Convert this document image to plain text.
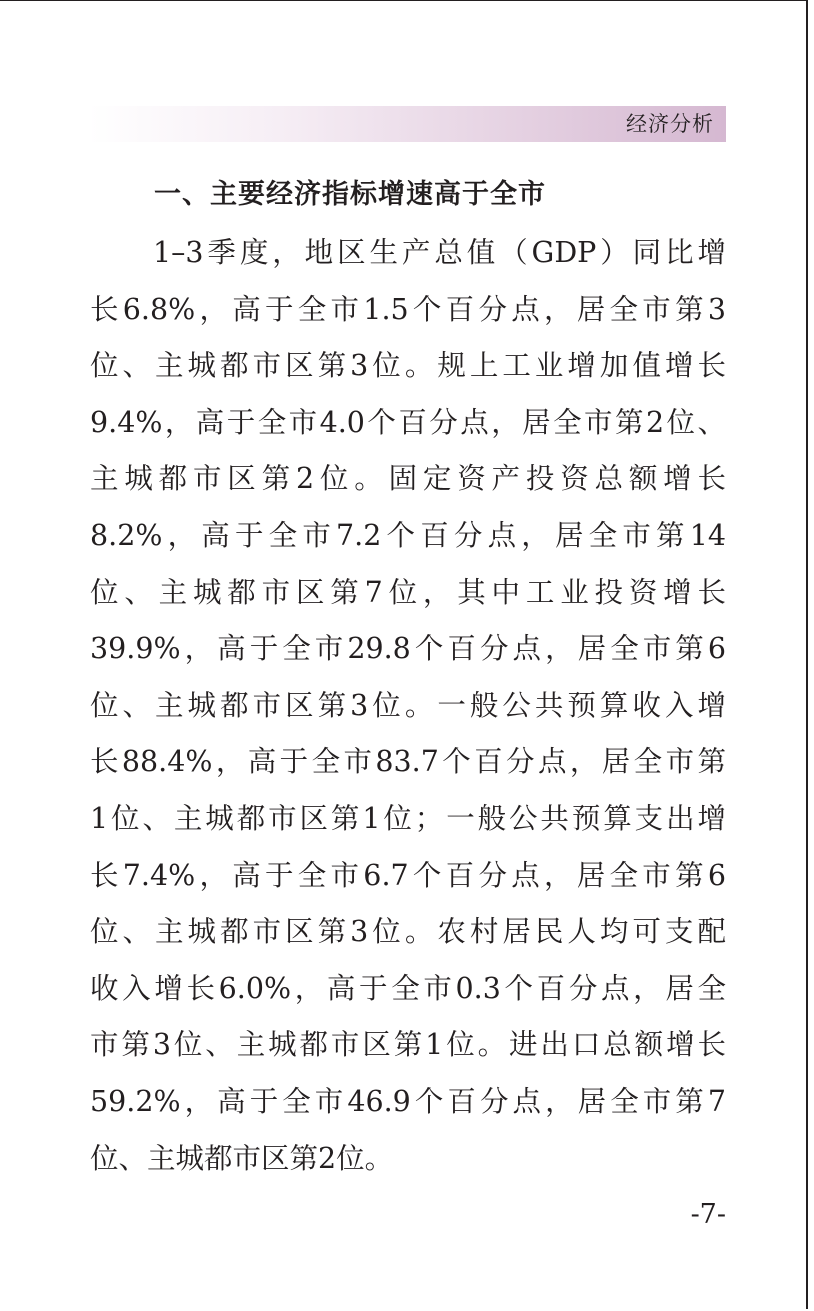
经济分析
一、主要经济指标增速高于全市
1–3季度，地区生产总值（GDP）同比增
长6.8%，高于全市1.5个百分点，居全市第3
位、主城都市区第3位。规上工业增加值增长
9.4%，高于全市4.0个百分点，居全市第2位、
主城都市区第2位。固定资产投资总额增长
8.2%，高于全市7.2个百分点，居全市第14
位、主城都市区第7位，其中工业投资增长
39.9%，高于全市29.8个百分点，居全市第6
位、主城都市区第3位。一般公共预算收入增
长88.4%，高于全市83.7个百分点，居全市第
1位、主城都市区第1位；一般公共预算支出增
长7.4%，高于全市6.7个百分点，居全市第6
位、主城都市区第3位。农村居民人均可支配
收入增长6.0%，高于全市0.3个百分点，居全
市第3位、主城都市区第1位。进出口总额增长
59.2%，高于全市46.9个百分点，居全市第7
位、主城都市区第2位。
-7-
